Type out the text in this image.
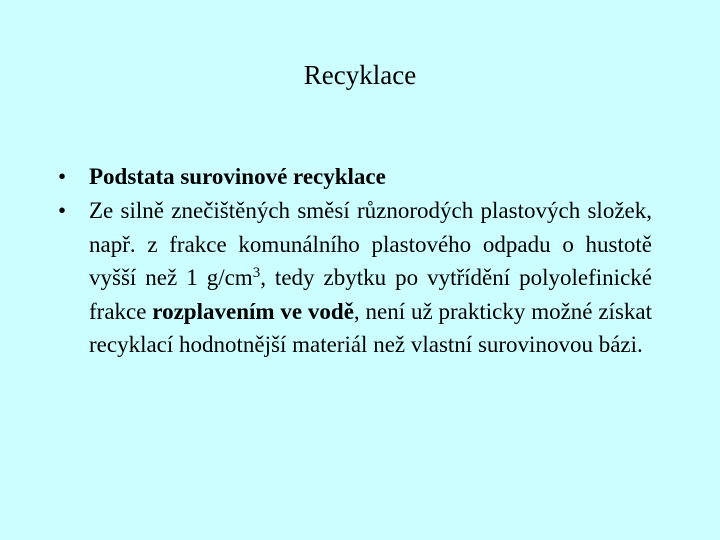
Recyklace
• Podstata surovinové recyklace
• Ze silně znečištěných směsí různorodých plastových složek, např. z frakce komunálního plastového odpadu o hustotě vyšší než 1 $g/cm^3$, tedy zbytku po vytřídění polyolefinické frakce rozplavením ve vodě, není už prakticky možné získat recyklací hodnotnější materiál než vlastní surovinovou bázi.
